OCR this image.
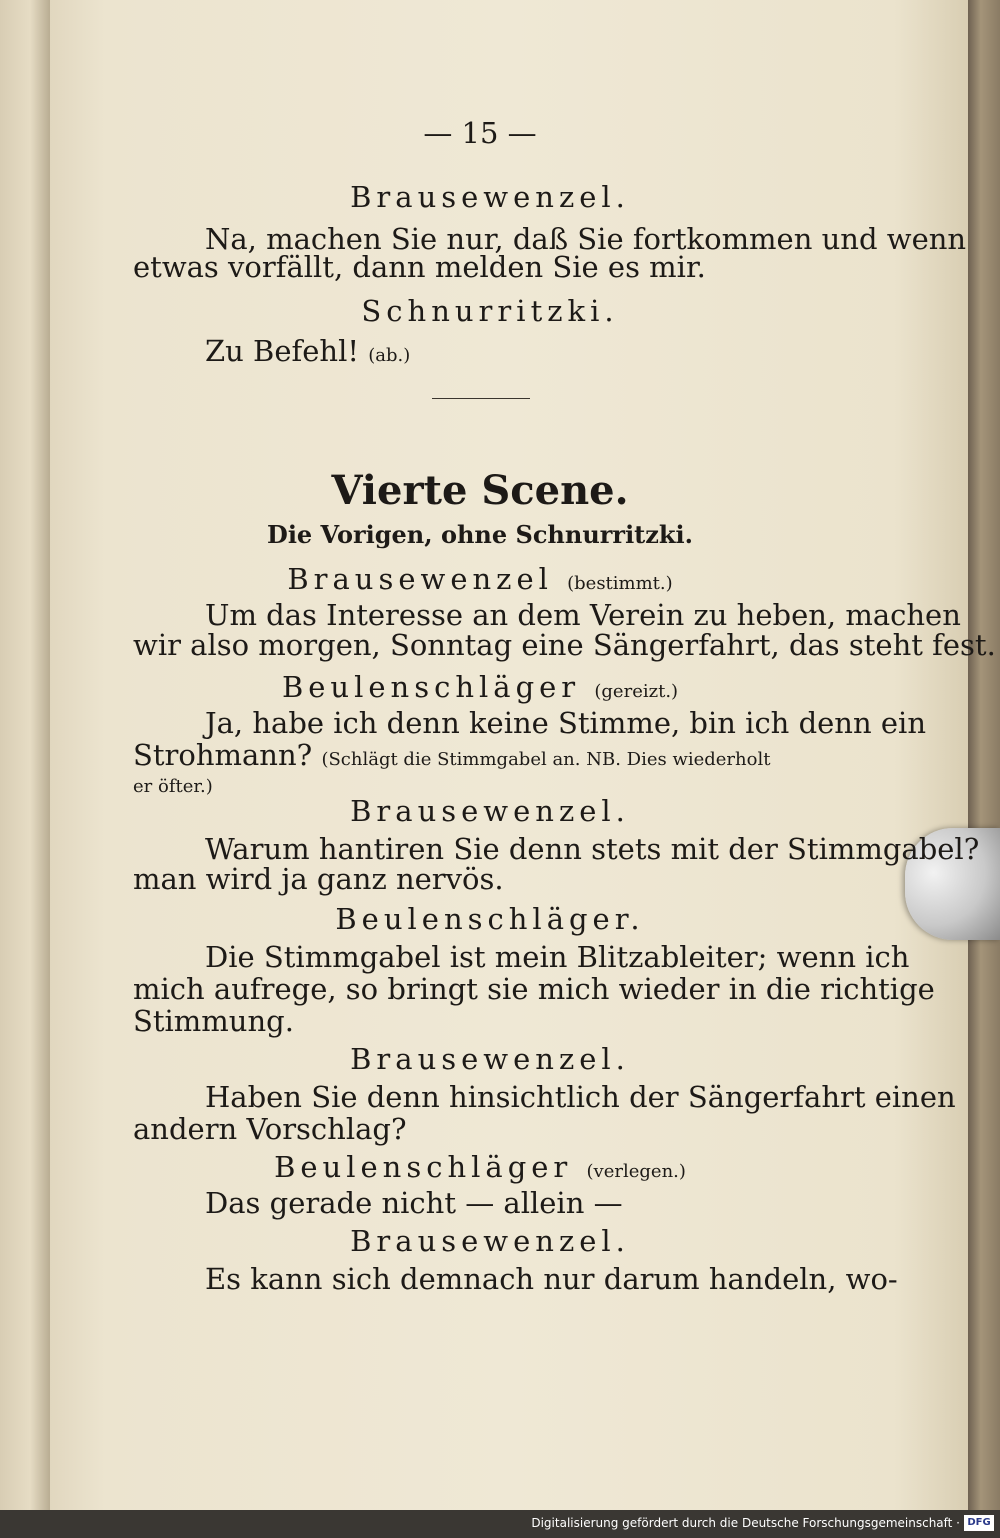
— 15 —

Brausewenzel.

Na, machen Sie nur, daß Sie fortkommen und wenn

etwas vorfällt, dann melden Sie es mir.

Schnurritzki.

Zu Befehl! (ab.)

Vierte Scene.

Die Vorigen, ohne Schnurritzki.

Brausewenzel (bestimmt.)

Um das Interesse an dem Verein zu heben, machen

wir also morgen, Sonntag eine Sängerfahrt, das steht fest.

Beulenschläger (gereizt.)

Ja, habe ich denn keine Stimme, bin ich denn ein

Strohmann? (Schlägt die Stimmgabel an. NB. Dies wiederholt

er öfter.)

Brausewenzel.

Warum hantiren Sie denn stets mit der Stimmgabel?

man wird ja ganz nervös.

Beulenschläger.

Die Stimmgabel ist mein Blitzableiter; wenn ich

mich aufrege, so bringt sie mich wieder in die richtige

Stimmung.

Brausewenzel.

Haben Sie denn hinsichtlich der Sängerfahrt einen

andern Vorschlag?

Beulenschläger (verlegen.)

Das gerade nicht — allein —

Brausewenzel.

Es kann sich demnach nur darum handeln, wo-

Digitalisierung gefördert durch die Deutsche Forschungsgemeinschaft · DFG
